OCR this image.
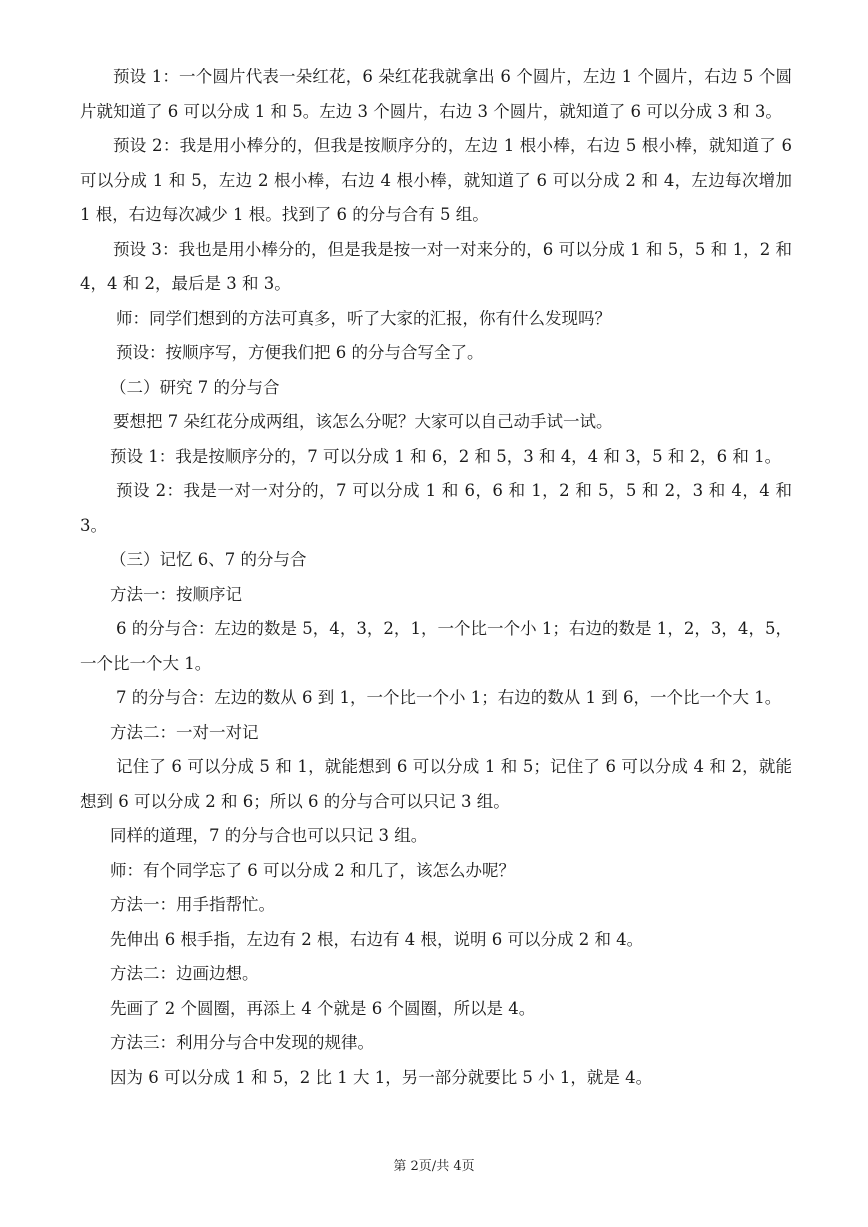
预设 1：一个圆片代表一朵红花，6 朵红花我就拿出 6 个圆片，左边 1 个圆片，右边 5 个圆片就知道了 6 可以分成 1 和 5。左边 3 个圆片，右边 3 个圆片，就知道了 6 可以分成 3 和 3。

预设 2：我是用小棒分的，但我是按顺序分的，左边 1 根小棒，右边 5 根小棒，就知道了 6 可以分成 1 和 5，左边 2 根小棒，右边 4 根小棒，就知道了 6 可以分成 2 和 4，左边每次增加 1 根，右边每次减少 1 根。找到了 6 的分与合有 5 组。

预设 3：我也是用小棒分的，但是我是按一对一对来分的，6 可以分成 1 和 5，5 和 1，2 和 4，4 和 2，最后是 3 和 3。

师：同学们想到的方法可真多，听了大家的汇报，你有什么发现吗？

预设：按顺序写，方便我们把 6 的分与合写全了。

（二）研究 7 的分与合

要想把 7 朵红花分成两组，该怎么分呢？大家可以自己动手试一试。

预设 1：我是按顺序分的，7 可以分成 1 和 6，2 和 5，3 和 4，4 和 3，5 和 2，6 和 1。

预设 2：我是一对一对分的，7 可以分成 1 和 6，6 和 1，2 和 5，5 和 2，3 和 4，4 和 3。

（三）记忆 6、7 的分与合

方法一：按顺序记

6 的分与合：左边的数是 5，4，3，2，1，一个比一个小 1；右边的数是 1，2，3，4，5，一个比一个大 1。

7 的分与合：左边的数从 6 到 1，一个比一个小 1；右边的数从 1 到 6，一个比一个大 1。

方法二：一对一对记

记住了 6 可以分成 5 和 1，就能想到 6 可以分成 1 和 5；记住了 6 可以分成 4 和 2，就能想到 6 可以分成 2 和 6；所以 6 的分与合可以只记 3 组。

同样的道理，7 的分与合也可以只记 3 组。

师：有个同学忘了 6 可以分成 2 和几了，该怎么办呢？

方法一：用手指帮忙。

先伸出 6 根手指，左边有 2 根，右边有 4 根，说明 6 可以分成 2 和 4。

方法二：边画边想。

先画了 2 个圆圈，再添上 4 个就是 6 个圆圈，所以是 4。

方法三：利用分与合中发现的规律。

因为 6 可以分成 1 和 5，2 比 1 大 1，另一部分就要比 5 小 1，就是 4。

第 2页/共 4页
